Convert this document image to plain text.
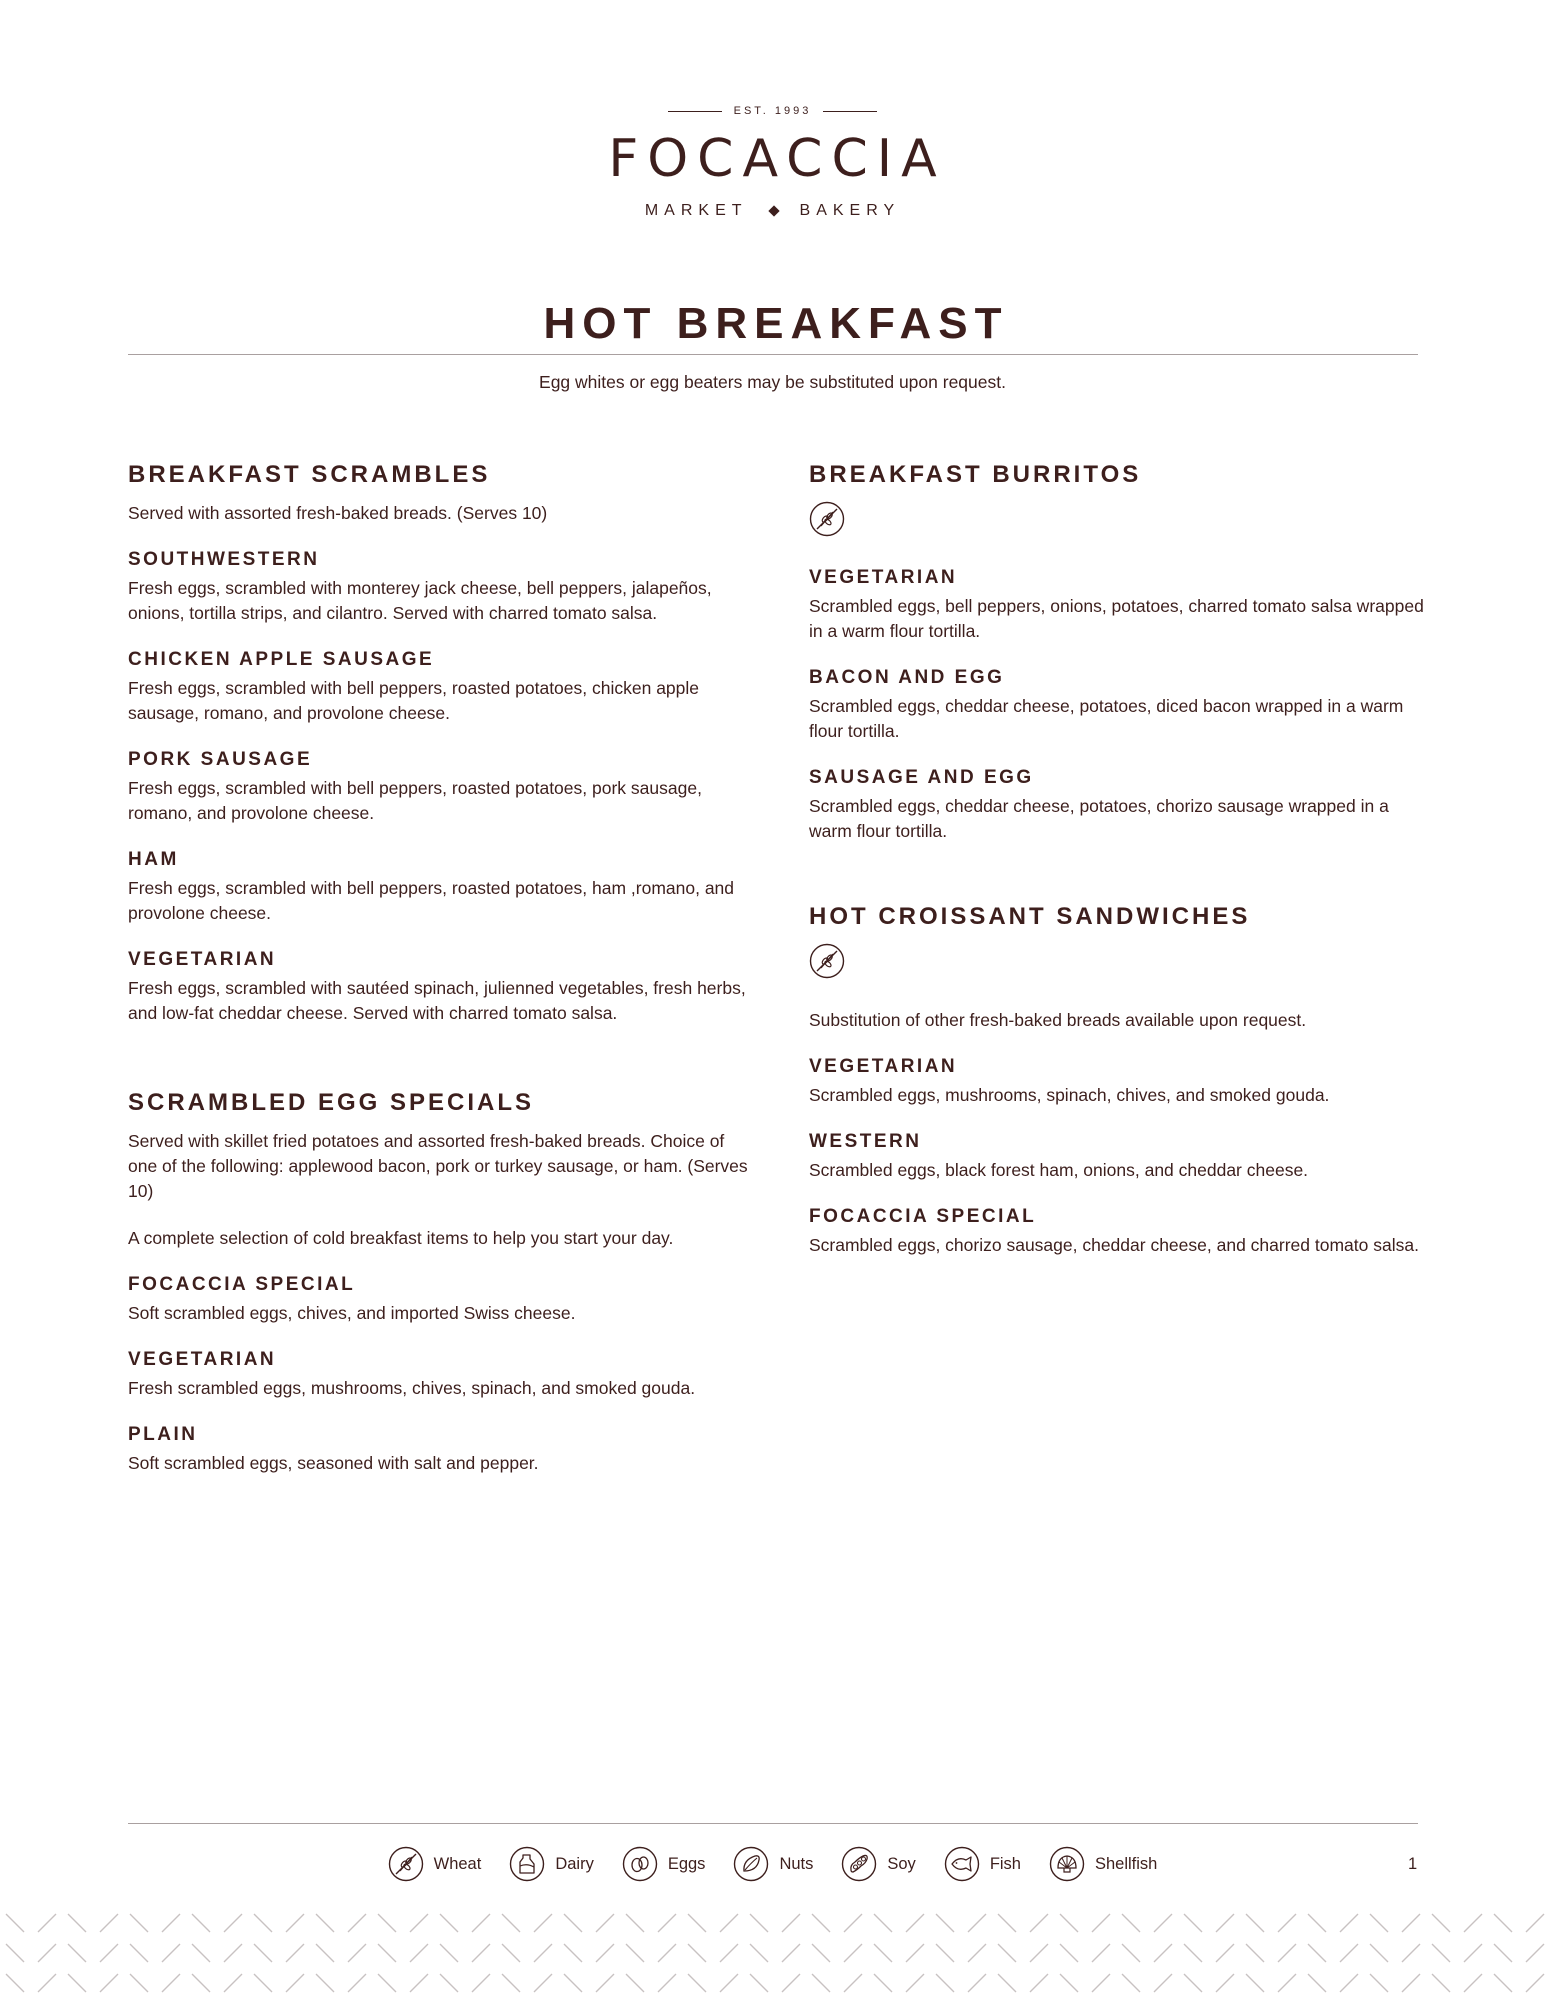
EST. 1993
FOCACCIA
MARKET	BAKERY
HOT BREAKFAST
Egg whites or egg beaters may be substituted upon request.
BREAKFAST SCRAMBLES

Served with assorted fresh-baked breads. (Serves 10)

SOUTHWESTERN

Fresh eggs, scrambled with monterey jack cheese, bell peppers, jalapeños, onions, tortilla strips, and cilantro. Served with charred tomato salsa.

CHICKEN APPLE SAUSAGE

Fresh eggs, scrambled with bell peppers, roasted potatoes, chicken apple sausage, romano, and provolone cheese.

PORK SAUSAGE

Fresh eggs, scrambled with bell peppers, roasted potatoes, pork sausage, romano, and provolone cheese.

HAM

Fresh eggs, scrambled with bell peppers, roasted potatoes, ham ,romano, and provolone cheese.

VEGETARIAN

Fresh eggs, scrambled with sautéed spinach, julienned vegetables, fresh herbs, and low-fat cheddar cheese. Served with charred tomato salsa.

SCRAMBLED EGG SPECIALS

Served with skillet fried potatoes and assorted fresh-baked breads. Choice of one of the following: applewood bacon, pork or turkey sausage, or ham. (Serves 10)

A complete selection of cold breakfast items to help you start your day.

FOCACCIA SPECIAL

Soft scrambled eggs, chives, and imported Swiss cheese.

VEGETARIAN

Fresh scrambled eggs, mushrooms, chives, spinach, and smoked gouda.

PLAIN

Soft scrambled eggs, seasoned with salt and pepper.

BREAKFAST BURRITOS
VEGETARIAN

Scrambled eggs, bell peppers, onions, potatoes, charred tomato salsa wrapped in a warm flour tortilla.

BACON AND EGG

Scrambled eggs, cheddar cheese, potatoes, diced bacon wrapped in a warm flour tortilla.

SAUSAGE AND EGG

Scrambled eggs, cheddar cheese, potatoes, chorizo sausage wrapped in a warm flour tortilla.

HOT CROISSANT SANDWICHES

Substitution of other fresh-baked breads available upon request.

VEGETARIAN

Scrambled eggs, mushrooms, spinach, chives, and smoked gouda.

WESTERN

Scrambled eggs, black forest ham, onions, and cheddar cheese.

FOCACCIA SPECIAL

Scrambled eggs, chorizo sausage, cheddar cheese, and charred tomato salsa.

Wheat	Dairy	Eggs	Nuts	Soy	Fish	Shellfish	1
